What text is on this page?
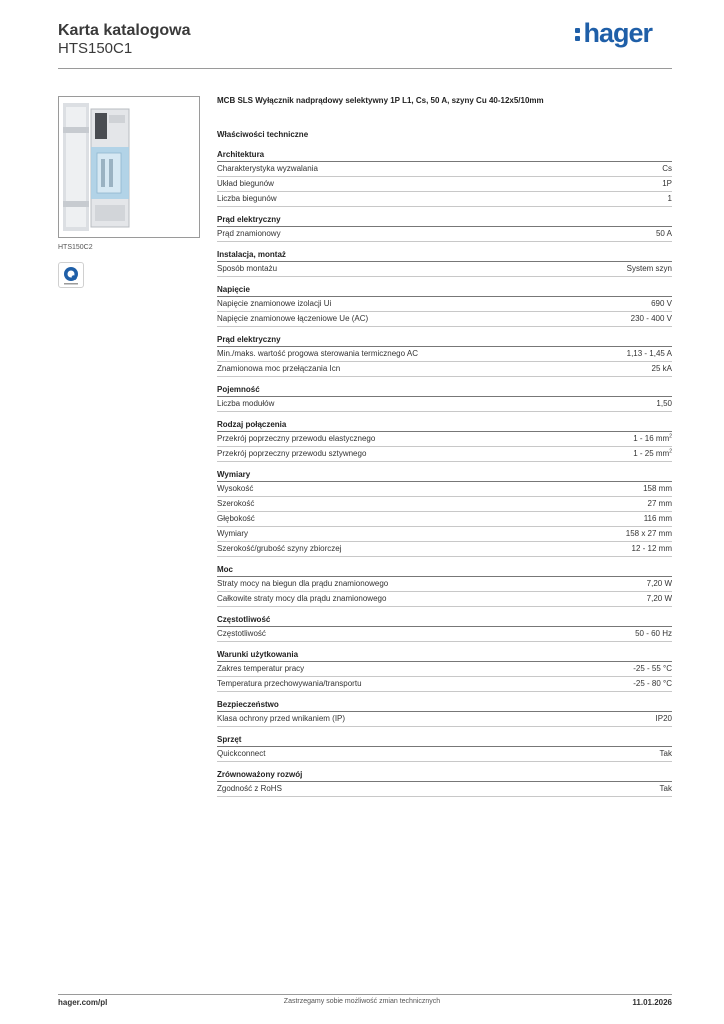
Karta katalogowa
HTS150C1
hager
HTS150C2
MCB SLS Wyłącznik nadprądowy selektywny 1P L1, Cs, 50 A, szyny Cu 40-12x5/10mm
Właściwości techniczne
Architektura
Charakterystyka wyzwalania	Cs
Układ biegunów	1P
Liczba biegunów	1
Prąd elektryczny
Prąd znamionowy	50 A
Instalacja, montaż
Sposób montażu	System szyn
Napięcie
Napięcie znamionowe izolacji Ui	690 V
Napięcie znamionowe łączeniowe Ue (AC)	230 - 400 V
Prąd elektryczny
Min./maks. wartość progowa sterowania termicznego AC	1,13 - 1,45 A
Znamionowa moc przełączania Icn	25 kA
Pojemność
Liczba modułów	1,50
Rodzaj połączenia
Przekrój poprzeczny przewodu elastycznego	1 - 16 $mm^2$
Przekrój poprzeczny przewodu sztywnego	1 - 25 $mm^2$
Wymiary
Wysokość	158 mm
Szerokość	27 mm
Głębokość	116 mm
Wymiary	158 x 27 mm
Szerokość/grubość szyny zbiorczej	12 - 12 mm
Moc
Straty mocy na biegun dla prądu znamionowego	7,20 W
Całkowite straty mocy dla prądu znamionowego	7,20 W
Częstotliwość
Częstotliwość	50 - 60 Hz
Warunki użytkowania
Zakres temperatur pracy	-25 - 55 °C
Temperatura przechowywania/transportu	-25 - 80 °C
Bezpieczeństwo
Klasa ochrony przed wnikaniem (IP)	IP20
Sprzęt
Quickconnect	Tak
Zrównoważony rozwój
Zgodność z RoHS	Tak
hager.com/pl	Zastrzegamy sobie możliwość zmian technicznych	11.01.2026
